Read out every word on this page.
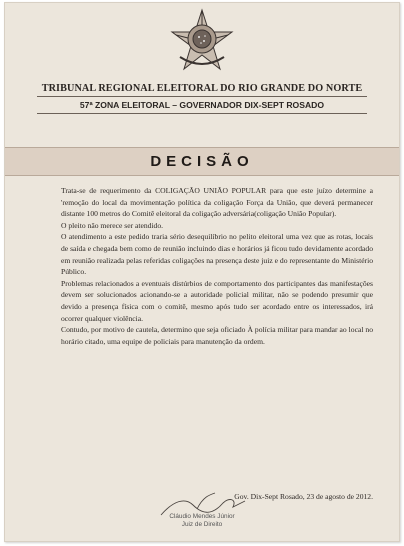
TRIBUNAL REGIONAL ELEITORAL DO RIO GRANDE DO NORTE
57ª ZONA ELEITORAL – GOVERNADOR DIX-SEPT ROSADO
DECISÃO

Trata-se de requerimento da COLIGAÇÃO UNIÃO POPULAR para que este juízo determine a 'remoção do local da movimentação política da coligação Força da União, que deverá permanecer distante 100 metros do Comitê eleitoral da coligação adversária(coligação União Popular).

O pleito não merece ser atendido.

O atendimento a este pedido traria sério desequilíbrio no pelito eleitoral uma vez que as rotas, locais de saída e chegada bem como de reunião incluindo dias e horários já ficou tudo devidamente acordado em reunião realizada pelas referidas coligações na presença deste juiz e do representante do Ministério Público.

Problemas relacionados a eventuais distúrbios de comportamento dos participantes das manifestações devem ser solucionados acionando-se a autoridade policial militar, não se podendo presumir que devido a presença física com o comitê, mesmo após tudo ser acordado entre os interessados, irá ocorrer qualquer violência.

Contudo, por motivo de cautela, determino que seja oficiado À polícia militar para mandar ao local no horário citado, uma equipe de policiais para manutenção da ordem.

Gov. Dix-Sept Rosado, 23 de agosto de 2012.
Cláudio Mendes Júnior
Juiz de Direito
